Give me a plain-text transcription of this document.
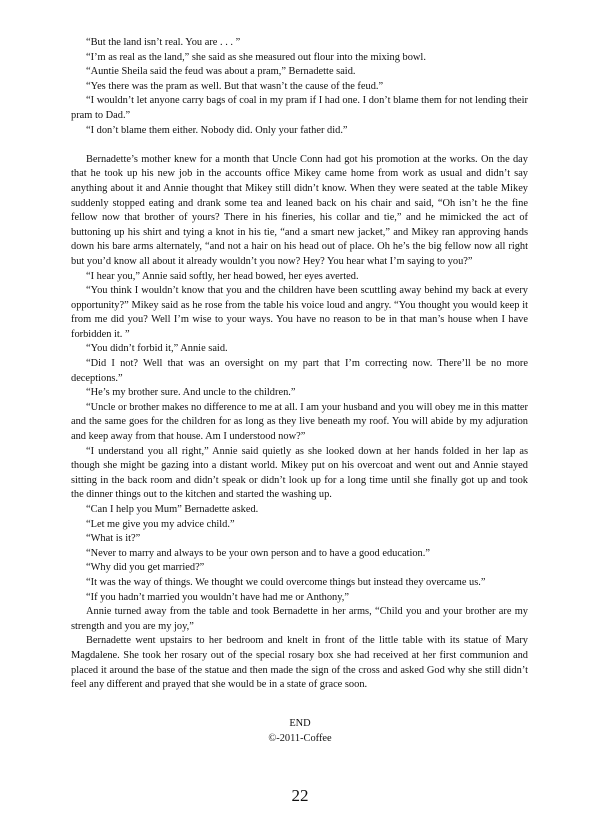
“But the land isn’t real. You are . . . ”

“I’m as real as the land,” she said as she measured out flour into the mixing bowl.

“Auntie Sheila said the feud was about a pram,” Bernadette said.

“Yes there was the pram as well. But that wasn’t the cause of the feud.”

“I wouldn’t let anyone carry bags of coal in my pram if I had one. I don’t blame them for not lending their pram to Dad.”

“I don’t blame them either. Nobody did. Only your father did.”

Bernadette’s mother knew for a month that Uncle Conn had got his promotion at the works. On the day that he took up his new job in the accounts office Mikey came home from work as usual and didn’t say anything about it and Annie thought that Mikey still didn’t know. When they were seated at the table Mikey suddenly stopped eating and drank some tea and leaned back on his chair and said, “Oh isn’t he the fine fellow now that brother of yours? There in his fineries, his collar and tie,” and he mimicked the act of buttoning up his shirt and tying a knot in his tie, “and a smart new jacket,” and Mikey ran approving hands down his bare arms alternately, “and not a hair on his head out of place. Oh he’s the big fellow now all right but you’d know all about it already wouldn’t you now? Hey? You hear what I’m saying to you?”

“I hear you,” Annie said softly, her head bowed, her eyes averted.

“You think I wouldn’t know that you and the children have been scuttling away behind my back at every opportunity?” Mikey said as he rose from the table his voice loud and angry. “You thought you would keep it from me did you? Well I’m wise to your ways. You have no reason to be in that man’s house when I have forbidden it. ”

“You didn’t forbid it,” Annie said.

“Did I not? Well that was an oversight on my part that I’m correcting now. There’ll be no more deceptions.”

“He’s my brother sure. And uncle to the children.”

“Uncle or brother makes no difference to me at all. I am your husband and you will obey me in this matter and the same goes for the children for as long as they live beneath my roof. You will abide by my adjuration and keep away from that house. Am I understood now?”

“I understand you all right,” Annie said quietly as she looked down at her hands folded in her lap as though she might be gazing into a distant world. Mikey put on his overcoat and went out and Annie stayed sitting in the back room and didn’t speak or didn’t look up for a long time until she finally got up and took the dinner things out to the kitchen and started the washing up.

“Can I help you Mum” Bernadette asked.

“Let me give you my advice child.”

“What is it?”

“Never to marry and always to be your own person and to have a good education.”

“Why did you get married?”

“It was the way of things. We thought we could overcome things but instead they overcame us.”

“If you hadn’t married you wouldn’t have had me or Anthony,”

Annie turned away from the table and took Bernadette in her arms, “Child you and your brother are my strength and you are my joy,”

Bernadette went upstairs to her bedroom and knelt in front of the little table with its statue of Mary Magdalene. She took her rosary out of the special rosary box she had received at her first communion and placed it around the base of the statue and then made the sign of the cross and asked God why she still didn’t feel any different and prayed that she would be in a state of grace soon.

END
©-2011-Coffee
22
